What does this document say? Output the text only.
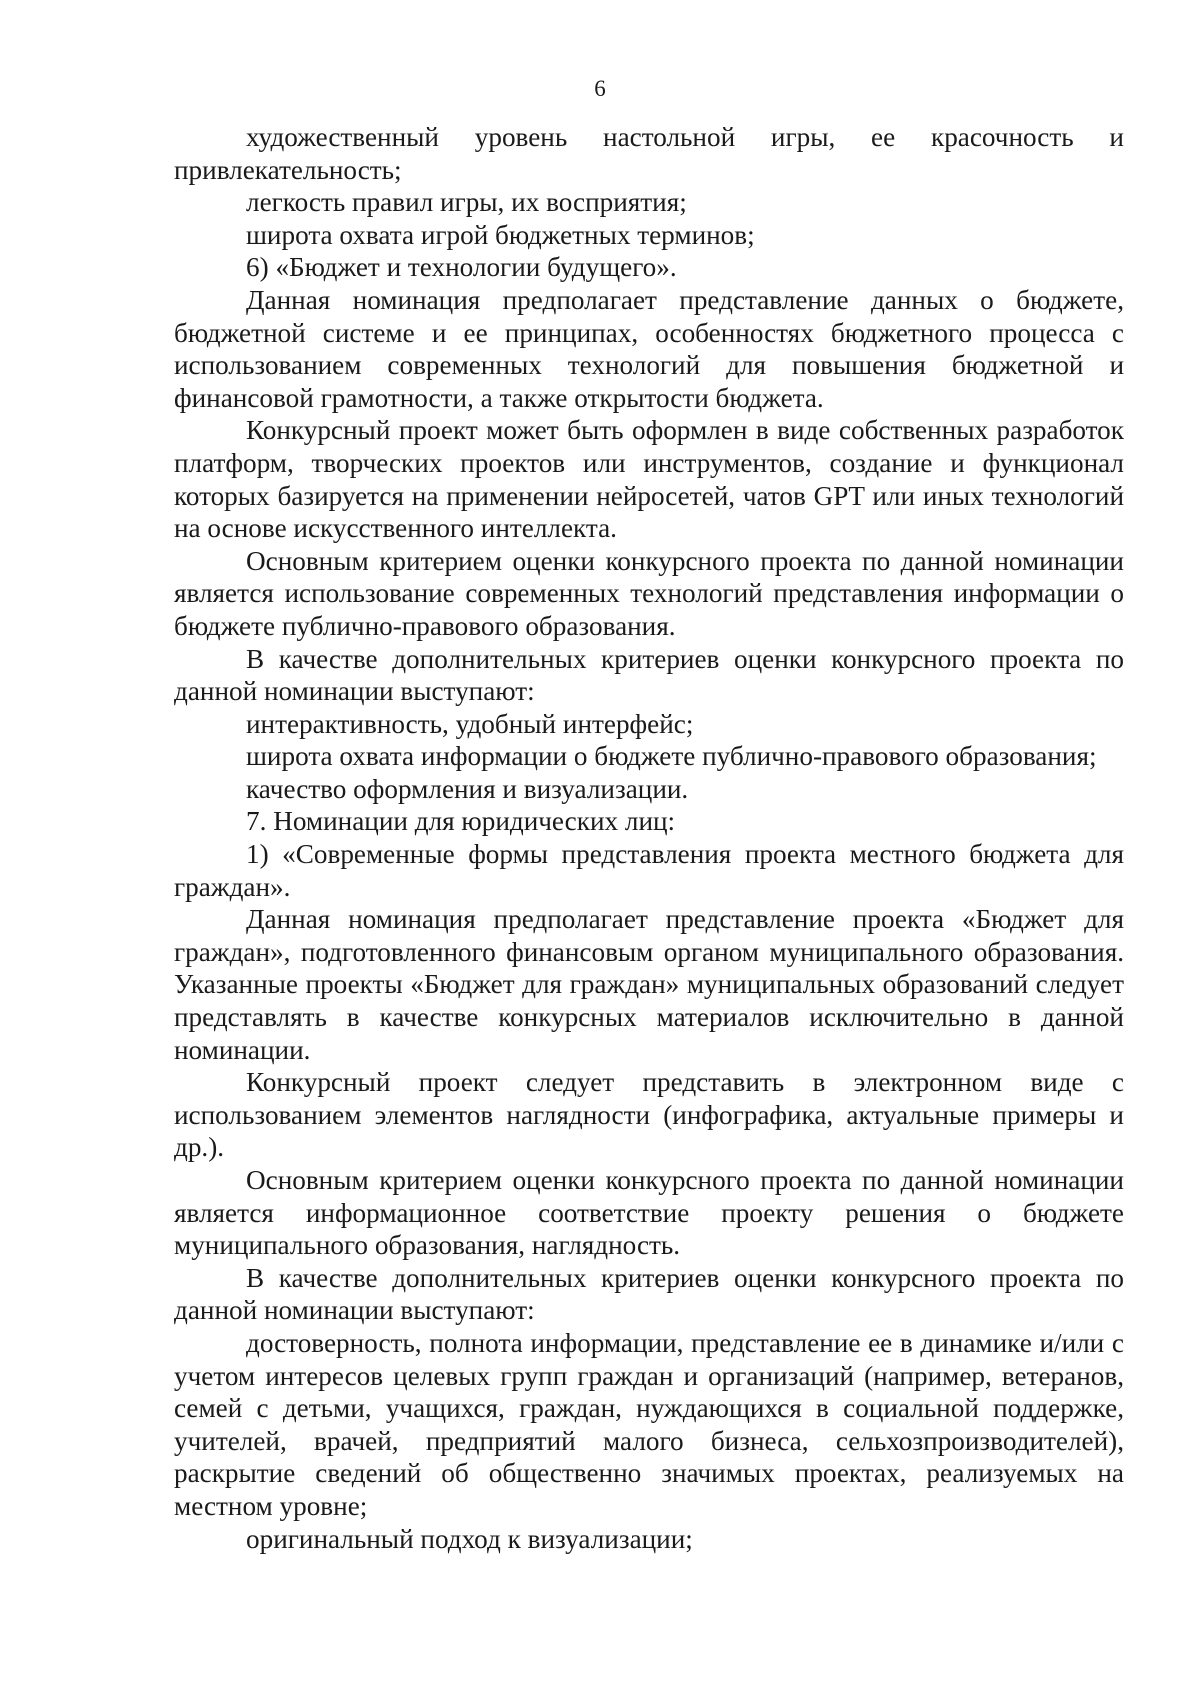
6

художественный уровень настольной игры, ее красочность и привлекательность;

легкость правил игры, их восприятия;

широта охвата игрой бюджетных терминов;

6) «Бюджет и технологии будущего».

Данная номинация предполагает представление данных о бюджете, бюджетной системе и ее принципах, особенностях бюджетного процесса с использованием современных технологий для повышения бюджетной и финансовой грамотности, а также открытости бюджета.

Конкурсный проект может быть оформлен в виде собственных разработок платформ, творческих проектов или инструментов, создание и функционал которых базируется на применении нейросетей, чатов GPT или иных технологий на основе искусственного интеллекта.

Основным критерием оценки конкурсного проекта по данной номинации является использование современных технологий представления информации о бюджете публично-правового образования.

В качестве дополнительных критериев оценки конкурсного проекта по данной номинации выступают:

интерактивность, удобный интерфейс;

широта охвата информации о бюджете публично-правового образования;

качество оформления и визуализации.

7. Номинации для юридических лиц:

1) «Современные формы представления проекта местного бюджета для граждан».

Данная номинация предполагает представление проекта «Бюджет для граждан», подготовленного финансовым органом муниципального образования. Указанные проекты «Бюджет для граждан» муниципальных образований следует представлять в качестве конкурсных материалов исключительно в данной номинации.

Конкурсный проект следует представить в электронном виде с использованием элементов наглядности (инфографика, актуальные примеры и др.).

Основным критерием оценки конкурсного проекта по данной номинации является информационное соответствие проекту решения о бюджете муниципального образования, наглядность.

В качестве дополнительных критериев оценки конкурсного проекта по данной номинации выступают:

достоверность, полнота информации, представление ее в динамике и/или с учетом интересов целевых групп граждан и организаций (например, ветеранов, семей с детьми, учащихся, граждан, нуждающихся в социальной поддержке, учителей, врачей, предприятий малого бизнеса, сельхозпроизводителей), раскрытие сведений об общественно значимых проектах, реализуемых на местном уровне;

оригинальный подход к визуализации;
